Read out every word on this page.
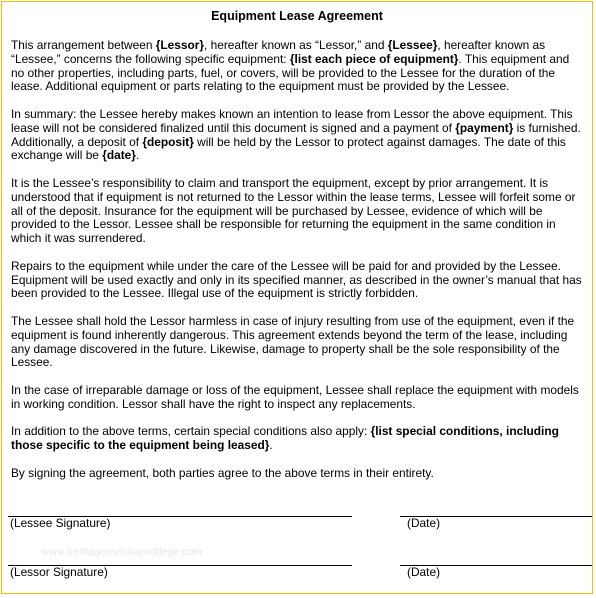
Equipment Lease Agreement

This arrangement between {Lessor}, hereafter known as “Lessor,” and {Lessee}, hereafter known as “Lessee,” concerns the following specific equipment: {list each piece of equipment}. This equipment and no other properties, including parts, fuel, or covers, will be provided to the Lessee for the duration of the lease. Additional equipment or parts relating to the equipment must be provided by the Lessee.

In summary: the Lessee hereby makes known an intention to lease from Lessor the above equipment. This lease will not be considered finalized until this document is signed and a payment of {payment} is furnished. Additionally, a deposit of {deposit} will be held by the Lessor to protect against damages. The date of this exchange will be {date}.

It is the Lessee’s responsibility to claim and transport the equipment, except by prior arrangement. It is understood that if equipment is not returned to the Lessor within the lease terms, Lessee will forfeit some or all of the deposit. Insurance for the equipment will be purchased by Lessee, evidence of which will be provided to the Lessor. Lessee shall be responsible for returning the equipment in the same condition in which it was surrendered.

Repairs to the equipment while under the care of the Lessee will be paid for and provided by the Lessee. Equipment will be used exactly and only in its specified manner, as described in the owner’s manual that has been provided to the Lessee. Illegal use of the equipment is strictly forbidden.

The Lessee shall hold the Lessor harmless in case of injury resulting from use of the equipment, even if the equipment is found inherently dangerous. This agreement extends beyond the term of the lease, including any damage discovered in the future. Likewise, damage to property shall be the sole responsibility of the Lessee.

In the case of irreparable damage or loss of the equipment, Lessee shall replace the equipment with models in working condition. Lessor shall have the right to inspect any replacements.

In addition to the above terms, certain special conditions also apply: {list special conditions, including those specific to the equipment being leased}.

By signing the agreement, both parties agree to the above terms in their entirety.

(Lessee Signature)	(Date)
www.heritagechristiancollege.com
(Lessor Signature)	(Date)
